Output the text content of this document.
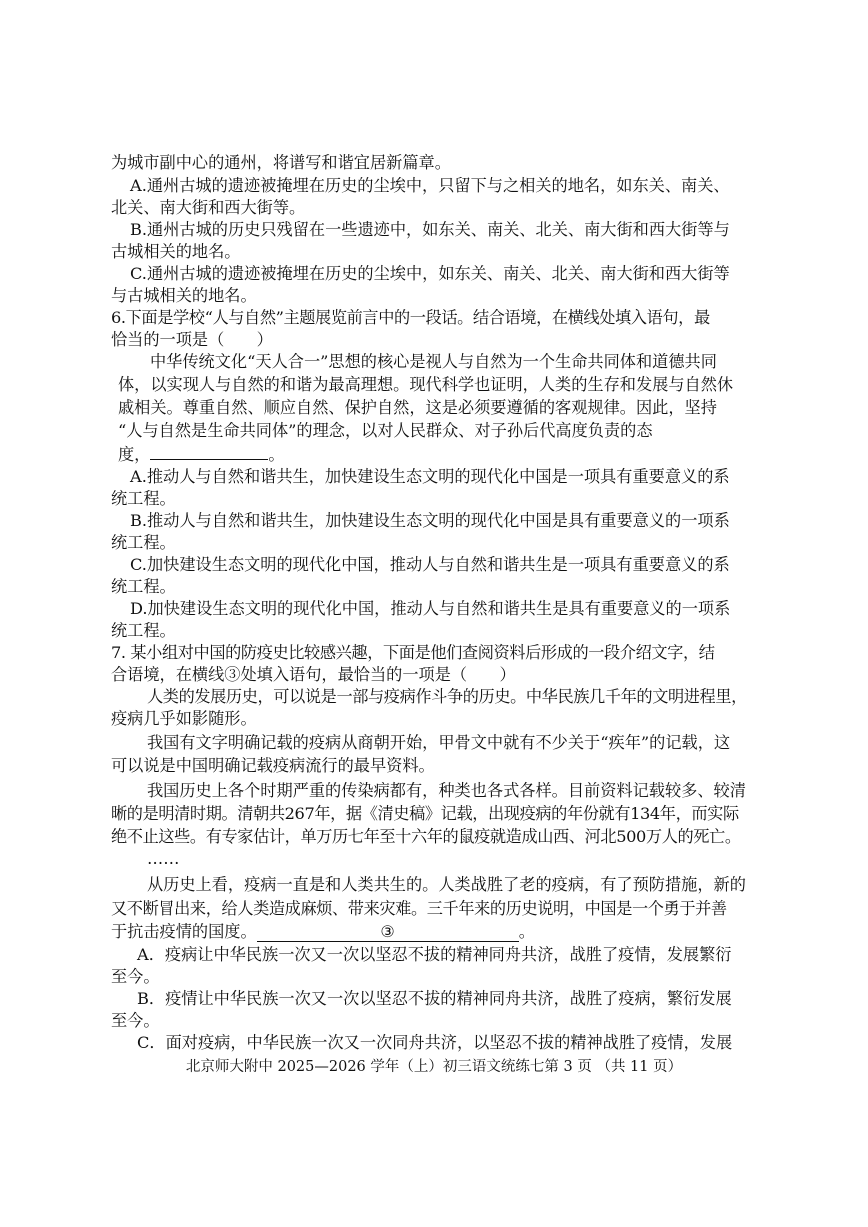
为城市副中心的通州，将谱写和谐宜居新篇章。
A.通州古城的遗迹被掩埋在历史的尘埃中，只留下与之相关的地名，如东关、南关、
北关、南大街和西大街等。
B.通州古城的历史只残留在一些遗迹中，如东关、南关、北关、南大街和西大街等与
古城相关的地名。
C.通州古城的遗迹被掩埋在历史的尘埃中，如东关、南关、北关、南大街和西大街等
与古城相关的地名。
6.下面是学校“人与自然”主题展览前言中的一段话。结合语境，在横线处填入语句，最
恰当的一项是（　　）
中华传统文化“天人合一”思想的核心是视人与自然为一个生命共同体和道德共同
体，以实现人与自然的和谐为最高理想。现代科学也证明，人类的生存和发展与自然休
戚相关。尊重自然、顺应自然、保护自然，这是必须要遵循的客观规律。因此，坚持
“人与自然是生命共同体”的理念，以对人民群众、对子孙后代高度负责的态
度，	。
A.推动人与自然和谐共生，加快建设生态文明的现代化中国是一项具有重要意义的系
统工程。
B.推动人与自然和谐共生，加快建设生态文明的现代化中国是具有重要意义的一项系
统工程。
C.加快建设生态文明的现代化中国，推动人与自然和谐共生是一项具有重要意义的系
统工程。
D.加快建设生态文明的现代化中国，推动人与自然和谐共生是具有重要意义的一项系
统工程。
7. 某小组对中国的防疫史比较感兴趣，下面是他们查阅资料后形成的一段介绍文字，结
合语境，在横线③处填入语句，最恰当的一项是（　　）
人类的发展历史，可以说是一部与疫病作斗争的历史。中华民族几千年的文明进程里，
疫病几乎如影随形。
我国有文字明确记载的疫病从商朝开始，甲骨文中就有不少关于“疾年”的记载，这
可以说是中国明确记载疫病流行的最早资料。
我国历史上各个时期严重的传染病都有，种类也各式各样。目前资料记载较多、较清
晰的是明清时期。清朝共267年，据《清史稿》记载，出现疫病的年份就有134年，而实际
绝不止这些。有专家估计，单万历七年至十六年的鼠疫就造成山西、河北500万人的死亡。
……
从历史上看，疫病一直是和人类共生的。人类战胜了老的疫病，有了预防措施，新的
又不断冒出来，给人类造成麻烦、带来灾难。三千年来的历史说明，中国是一个勇于并善
于抗击疫情的国度。	③	。
A．疫病让中华民族一次又一次以坚忍不拔的精神同舟共济，战胜了疫情，发展繁衍
至今。
B．疫情让中华民族一次又一次以坚忍不拔的精神同舟共济，战胜了疫病，繁衍发展
至今。
C．面对疫病，中华民族一次又一次同舟共济，以坚忍不拔的精神战胜了疫情，发展
北京师大附中 2025—2026 学年（上）初三语文统练七第 3 页 （共 11 页）
